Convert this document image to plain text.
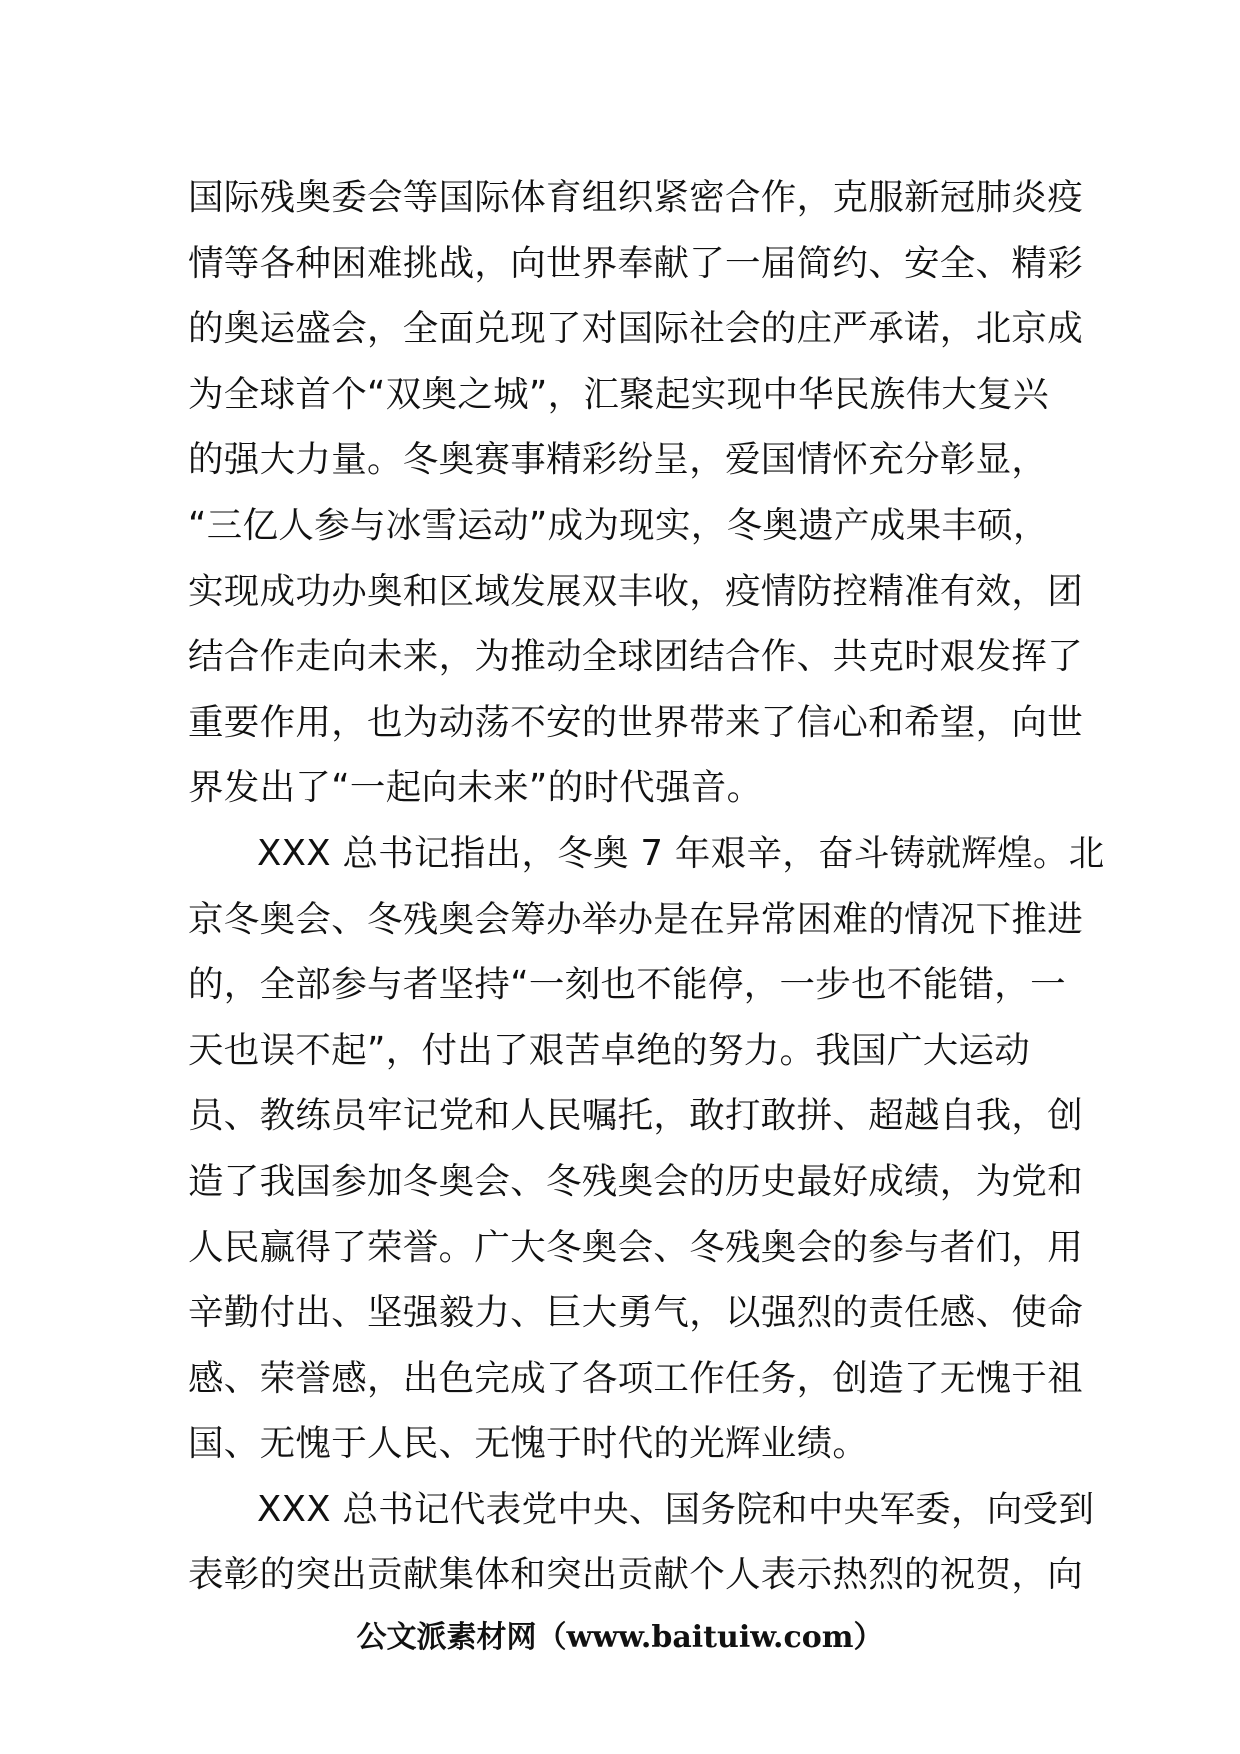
国际残奥委会等国际体育组织紧密合作，克服新冠肺炎疫
情等各种困难挑战，向世界奉献了一届简约、安全、精彩
的奥运盛会，全面兑现了对国际社会的庄严承诺，北京成
为全球首个“双奥之城”，汇聚起实现中华民族伟大复兴
的强大力量。冬奥赛事精彩纷呈，爱国情怀充分彰显，
“三亿人参与冰雪运动”成为现实，冬奥遗产成果丰硕，
实现成功办奥和区域发展双丰收，疫情防控精准有效，团
结合作走向未来，为推动全球团结合作、共克时艰发挥了
重要作用，也为动荡不安的世界带来了信心和希望，向世
界发出了“一起向未来”的时代强音。
XXX 总书记指出，冬奥 7 年艰辛，奋斗铸就辉煌。北
京冬奥会、冬残奥会筹办举办是在异常困难的情况下推进
的，全部参与者坚持“一刻也不能停，一步也不能错，一
天也误不起”，付出了艰苦卓绝的努力。我国广大运动
员、教练员牢记党和人民嘱托，敢打敢拼、超越自我，创
造了我国参加冬奥会、冬残奥会的历史最好成绩，为党和
人民赢得了荣誉。广大冬奥会、冬残奥会的参与者们，用
辛勤付出、坚强毅力、巨大勇气，以强烈的责任感、使命
感、荣誉感，出色完成了各项工作任务，创造了无愧于祖
国、无愧于人民、无愧于时代的光辉业绩。
XXX 总书记代表党中央、国务院和中央军委，向受到
表彰的突出贡献集体和突出贡献个人表示热烈的祝贺，向
公文派素材网（www.baituiw.com）
